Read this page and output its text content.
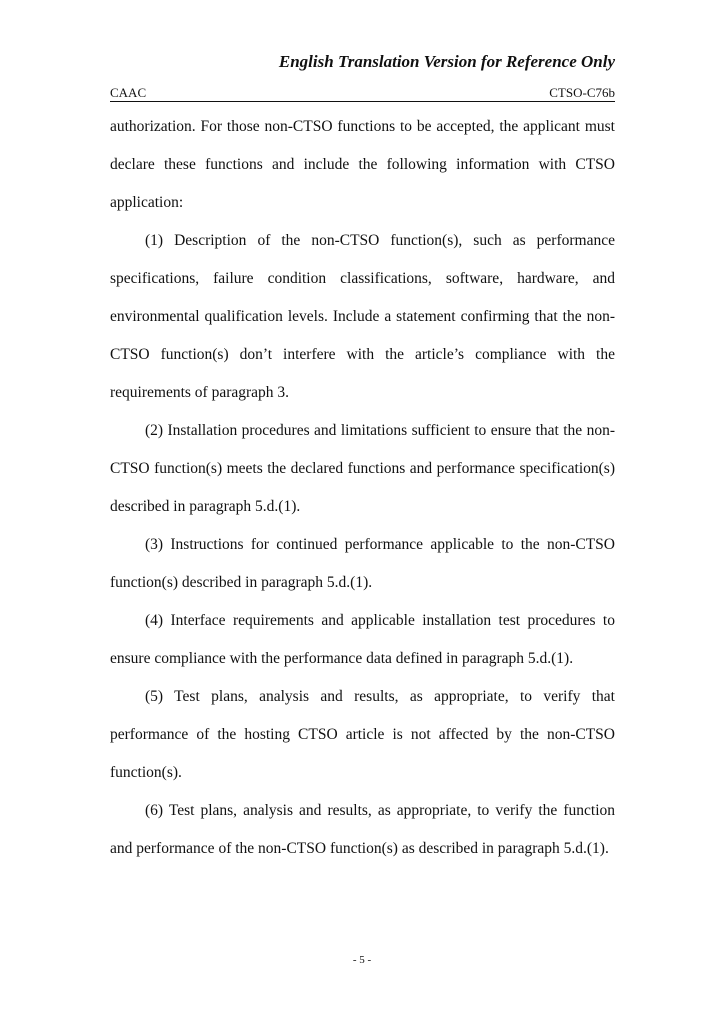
English Translation Version for Reference Only
CAAC	CTSO-C76b

authorization. For those non-CTSO functions to be accepted, the applicant must declare these functions and include the following information with CTSO application:

(1) Description of the non-CTSO function(s), such as performance specifications, failure condition classifications, software, hardware, and environmental qualification levels. Include a statement confirming that the non-CTSO function(s) don’t interfere with the article’s compliance with the requirements of paragraph 3.

(2) Installation procedures and limitations sufficient to ensure that the non-CTSO function(s) meets the declared functions and performance specification(s) described in paragraph 5.d.(1).

(3) Instructions for continued performance applicable to the non-CTSO function(s) described in paragraph 5.d.(1).

(4) Interface requirements and applicable installation test procedures to ensure compliance with the performance data defined in paragraph 5.d.(1).

(5) Test plans, analysis and results, as appropriate, to verify that performance of the hosting CTSO article is not affected by the non-CTSO function(s).

(6) Test plans, analysis and results, as appropriate, to verify the function and performance of the non-CTSO function(s) as described in paragraph 5.d.(1).

- 5 -
